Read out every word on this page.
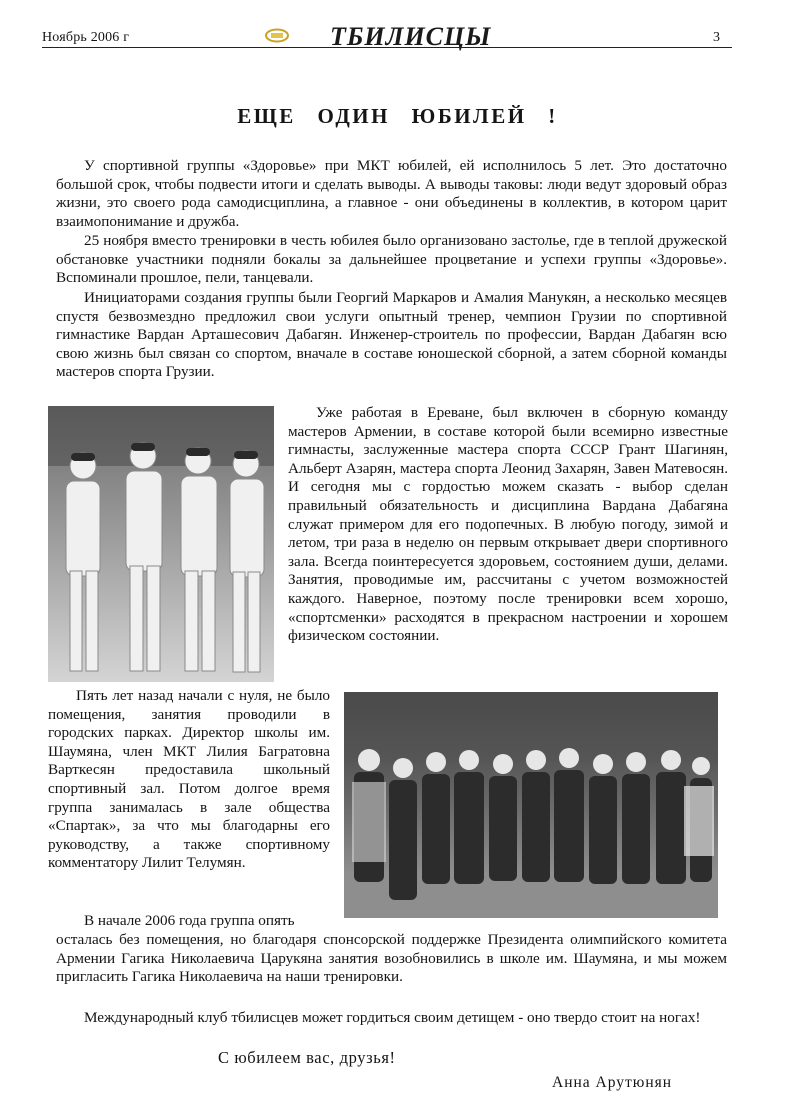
Ноябрь 2006 г	ТБИЛИСЦЫ	3
ЕЩЕ ОДИН ЮБИЛЕЙ !

У спортивной группы «Здоровье» при МКТ юбилей, ей исполнилось 5 лет. Это достаточно большой срок, чтобы подвести итоги и сделать выводы. А выводы таковы: люди ведут здоровый образ жизни, это своего рода самодисциплина, а главное - они объединены в коллектив, в котором царит взаимопонимание и дружба.

25 ноября вместо тренировки в честь юбилея было организовано застолье, где в теплой дружеской обстановке участники подняли бокалы за дальнейшее процветание и успехи группы «Здоровье». Вспоминали прошлое, пели, танцевали.

Инициаторами создания группы были Георгий Маркаров и Амалия Манукян, а несколько месяцев спустя безвозмездно предложил свои услуги опытный тренер, чемпион Грузии по спортивной гимнастике Вардан Арташесович Дабагян. Инженер-строитель по профессии, Вардан Дабагян всю свою жизнь был связан со спортом, вначале в составе юношеской сборной, а затем сборной команды мастеров спорта Грузии.

Уже работая в Ереване, был включен в сборную команду мастеров Армении, в составе которой были всемирно известные гимнасты, заслуженные мастера спорта СССР Грант Шагинян, Альберт Азарян, мастера спорта Леонид Захарян, Завен Матевосян. И сегодня мы с гордостью можем сказать - выбор сделан правильный обязательность и дисциплина Вардана Дабагяна служат примером для его подопечных. В любую погоду, зимой и летом, три раза в неделю он первым открывает двери спортивного зала. Всегда поинтересуется здоровьем, состоянием души, делами. Занятия, проводимые им, рассчитаны с учетом возможностей каждого. Наверное, поэтому после тренировки всем хорошо, «спортсменки» расходятся в прекрасном настроении и хорошем физическом состоянии.

Пять лет назад начали с нуля, не было помещения, занятия проводили в городских парках. Директор школы им. Шаумяна, член МКТ Лилия Багратовна Варткесян предоставила школьный спортивный зал. Потом долгое время группа занималась в зале общества «Спартак», за что мы благодарны его руководству, а также спортивному комментатору Лилит Телумян.

В начале 2006 года группа опять

осталась без помещения, но благодаря спонсорской поддержке Президента олимпийского комитета Армении Гагика Николаевича Царукяна занятия возобновились в школе им. Шаумяна, и мы можем пригласить Гагика Николаевича на наши тренировки.

Международный клуб тбилисцев может гордиться своим детищем - оно твердо стоит на ногах!

С юбилеем вас, друзья!
Анна Арутюнян
